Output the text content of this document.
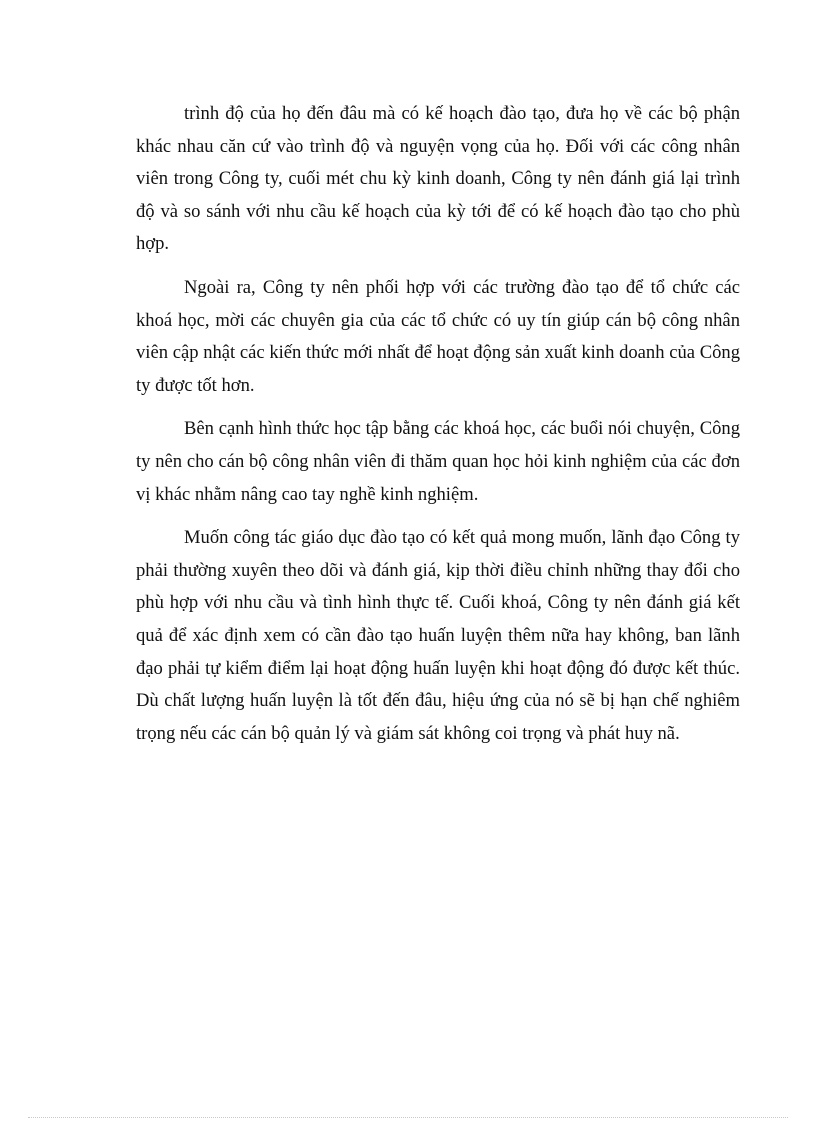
trình độ của họ đến đâu mà có kế hoạch đào tạo, đưa họ về các bộ phận khác nhau căn cứ vào trình độ và nguyện vọng của họ. Đối với các công nhân viên trong Công ty, cuối mét chu kỳ kinh doanh, Công ty nên đánh giá lại trình độ và so sánh với nhu cầu kế hoạch của kỳ tới để có kế hoạch đào tạo cho phù hợp.

Ngoài ra, Công ty nên phối hợp với các trường đào tạo để tổ chức các khoá học, mời các chuyên gia của các tổ chức có uy tín giúp cán bộ công nhân viên cập nhật các kiến thức mới nhất để hoạt động sản xuất kinh doanh của Công ty được tốt hơn.

Bên cạnh hình thức học tập bằng các khoá học, các buổi nói chuyện, Công ty nên cho cán bộ công nhân viên đi thăm quan học hỏi kinh nghiệm của các đơn vị khác nhằm nâng cao tay nghề kinh nghiệm.

Muốn công tác giáo dục đào tạo có kết quả mong muốn, lãnh đạo Công ty phải thường xuyên theo dõi và đánh giá, kịp thời điều chỉnh những thay đổi cho phù hợp với nhu cầu và tình hình thực tế. Cuối khoá, Công ty nên đánh giá kết quả để xác định xem có cần đào tạo huấn luyện thêm nữa hay không, ban lãnh đạo phải tự kiểm điểm lại hoạt động huấn luyện khi hoạt động đó được kết thúc. Dù chất lượng huấn luyện là tốt đến đâu, hiệu ứng của nó sẽ bị hạn chế nghiêm trọng nếu các cán bộ quản lý và giám sát không coi trọng và phát huy nã.
